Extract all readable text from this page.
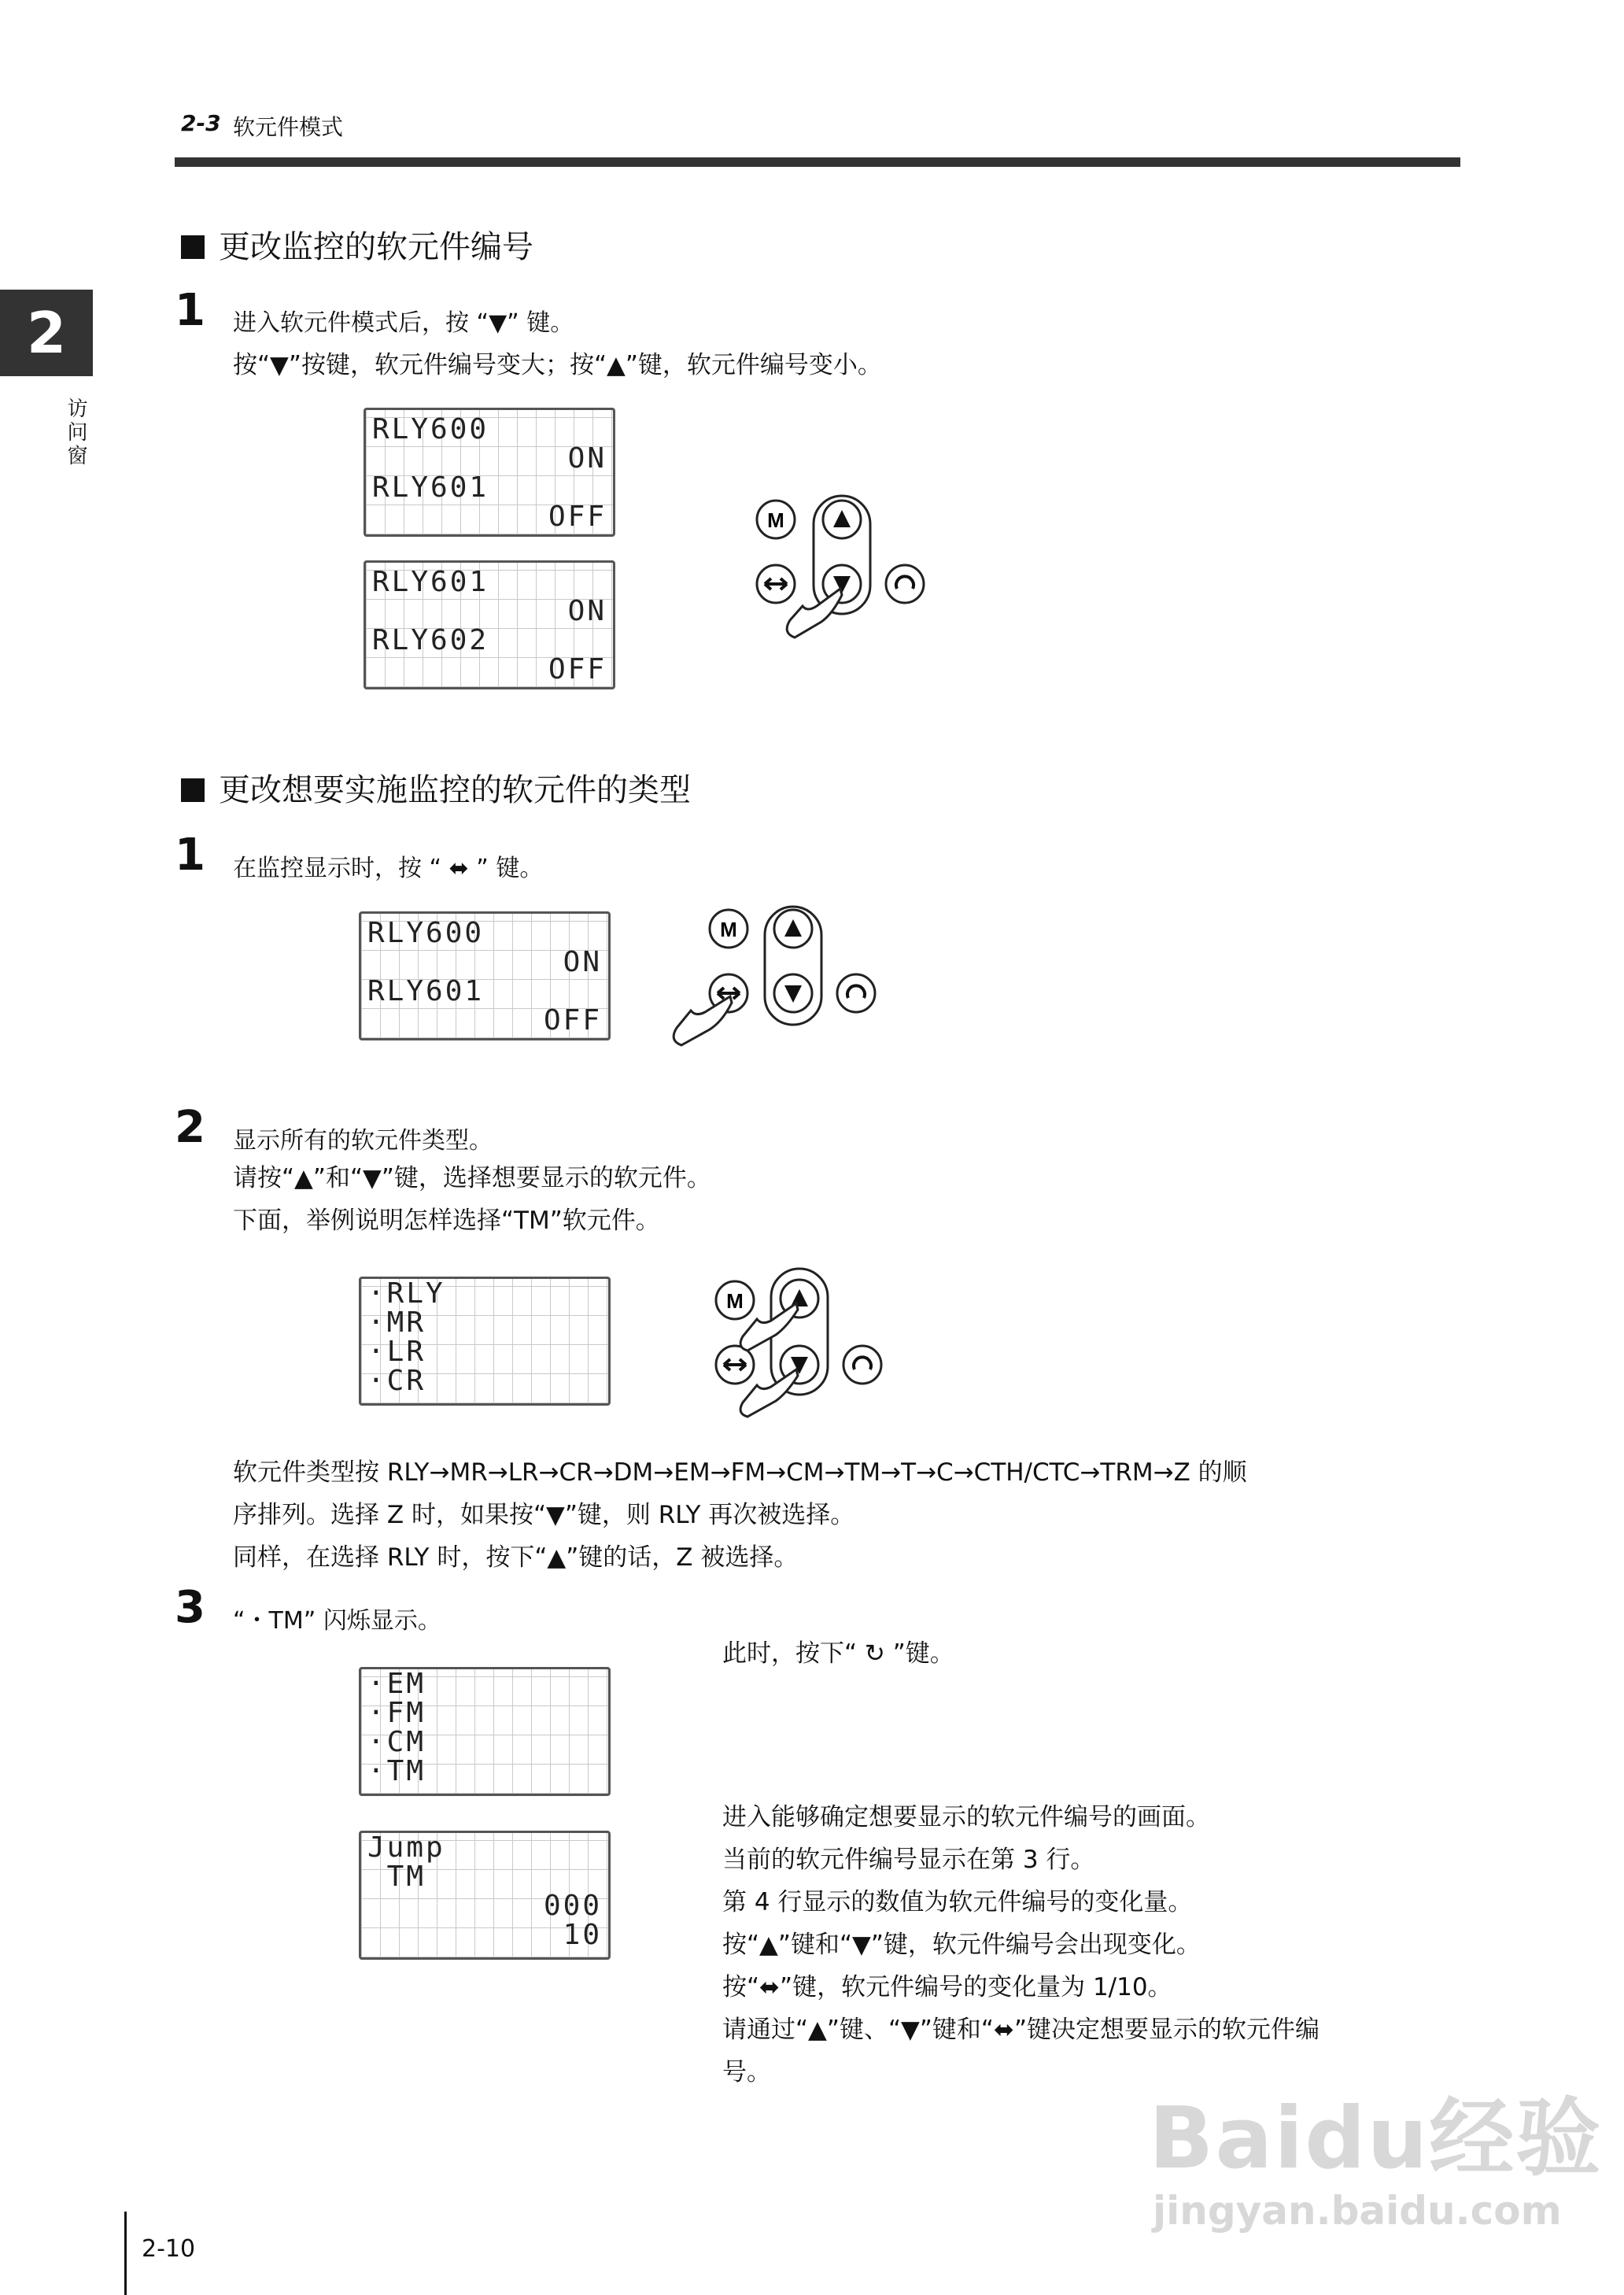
2-3 软元件模式
2
访问窗
更改监控的软元件编号
1 进入软元件模式后，按 “▼” 键。
按“▼”按键，软元件编号变大；按“▲”键，软元件编号变小。
RLY600
ON
RLY601
OFF
RLY601
ON
RLY602
OFF
M
更改想要实施监控的软元件的类型
1 在监控显示时，按 “ ⬌ ” 键。
RLY600
ON
RLY601
OFF
M
2 显示所有的软元件类型。
请按“▲”和“▼”键，选择想要显示的软元件。
下面，举例说明怎样选择“TM”软元件。
·RLY
·MR
·LR
·CR
M
软元件类型按 RLY→MR→LR→CR→DM→EM→FM→CM→TM→T→C→CTH/CTC→TRM→Z 的顺
序排列。选择 Z 时，如果按“▼”键，则 RLY 再次被选择。
同样，在选择 RLY 时，按下“▲”键的话，Z 被选择。
3 “・TM” 闪烁显示。
·EM
·FM
·CM
·TM
此时，按下“ ↻ ”键。
Jump
TM
000
10
进入能够确定想要显示的软元件编号的画面。
当前的软元件编号显示在第 3 行。
第 4 行显示的数值为软元件编号的变化量。
按“▲”键和“▼”键，软元件编号会出现变化。
按“⬌”键，软元件编号的变化量为 1/10。
请通过“▲”键、“▼”键和“⬌”键决定想要显示的软元件编
号。
Baidu经验
jingyan.baidu.com
2-10
